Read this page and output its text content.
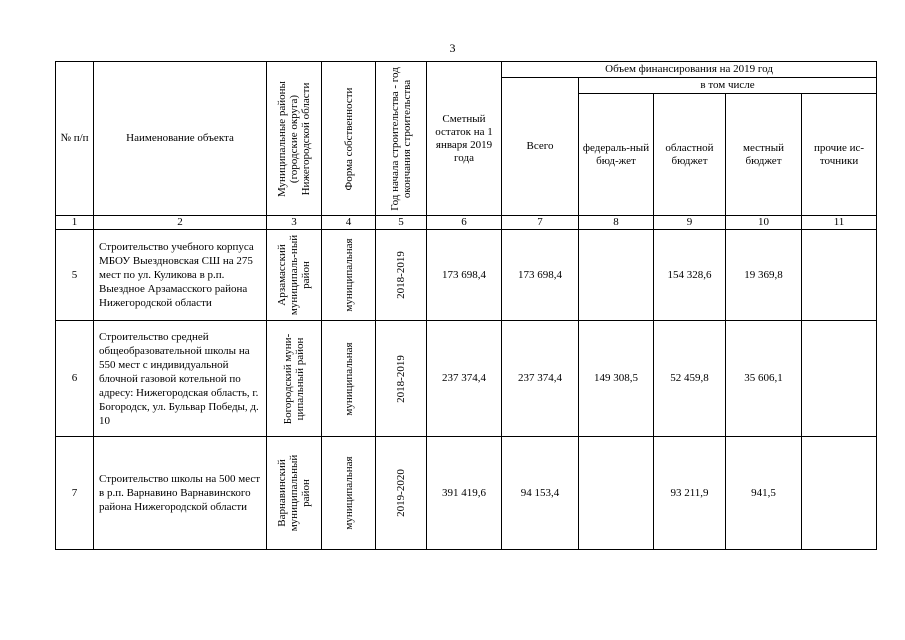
3
№ п/п	Наименование объекта	Муниципальные районы (городские округа) Нижегородской области	Форма собственности	Год начала строительства - год окончания строительства	Сметный остаток на 1 января 2019 года	Объем финансирования на 2019 год				
						Всего	в том числе			
							федераль-ный бюд-жет	областной бюджет	местный бюджет	прочие ис-точники
1	2	3	4	5	6	7	8	9	10	11
5	Строительство учебного корпуса МБОУ Выездновская СШ на 275 мест по ул. Куликова в р.п. Выездное Арзамасского района Нижегородской области	Арзамасский муниципаль-ный район	муниципальная	2018-2019	173 698,4	173 698,4		154 328,6	19 369,8	
6	Строительство средней общеобразовательной школы на 550 мест с индивидуальной блочной газовой котельной по адресу: Нижегородская область, г. Богородск, ул. Бульвар Победы, д. 10	Богородский муни-ципальный район	муниципальная	2018-2019	237 374,4	237 374,4	149 308,5	52 459,8	35 606,1	
7	Строительство школы на 500 мест в р.п. Варнавино Варнавинского района Нижегородской области	Варнавинский муниципальный район	муниципальная	2019-2020	391 419,6	94 153,4		93 211,9	941,5	
